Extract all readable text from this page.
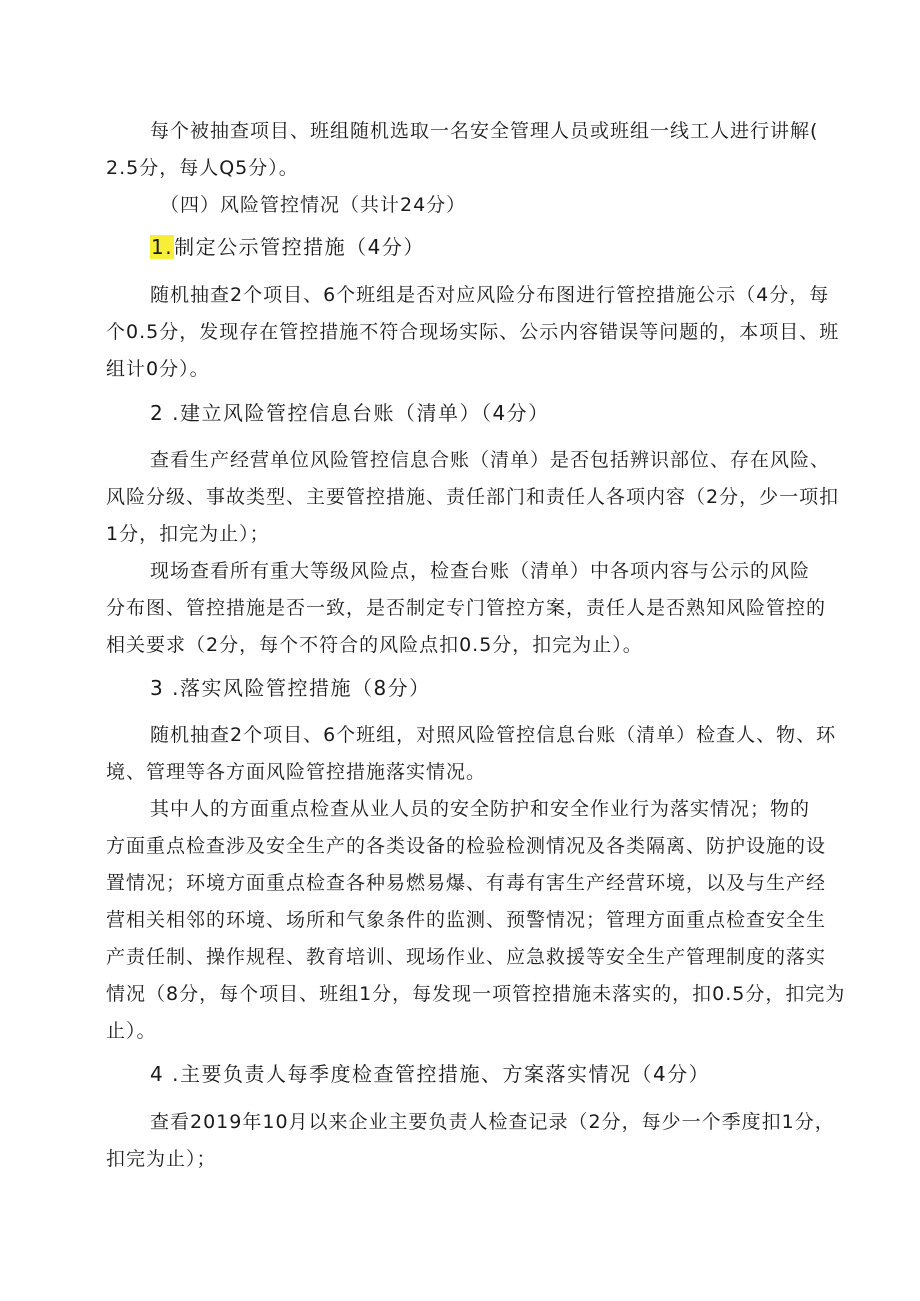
每个被抽查项目、班组随机选取一名安全管理人员或班组一线工人进行讲解(
2.5分，每人Q5分）。
（四）风险管控情况（共计24分）
1.制定公示管控措施（4分）
随机抽查2个项目、6个班组是否对应风险分布图进行管控措施公示（4分，每
个0.5分，发现存在管控措施不符合现场实际、公示内容错误等问题的，本项目、班
组计0分）。
2 .建立风险管控信息台账（清单）（4分）
查看生产经营单位风险管控信息合账（清单）是否包括辨识部位、存在风险、
风险分级、事故类型、主要管控措施、责任部门和责任人各项内容（2分，少一项扣
1分，扣完为止）；
现场查看所有重大等级风险点，检查台账（清单）中各项内容与公示的风险
分布图、管控措施是否一致，是否制定专门管控方案，责任人是否熟知风险管控的
相关要求（2分，每个不符合的风险点扣0.5分，扣完为止）。
3 .落实风险管控措施（8分）
随机抽查2个项目、6个班组，对照风险管控信息台账（清单）检查人、物、环
境、管理等各方面风险管控措施落实情况。
其中人的方面重点检查从业人员的安全防护和安全作业行为落实情况；物的
方面重点检查涉及安全生产的各类设备的检验检测情况及各类隔离、防护设施的设
置情况；环境方面重点检查各种易燃易爆、有毒有害生产经营环境，以及与生产经
营相关相邻的环境、场所和气象条件的监测、预警情况；管理方面重点检查安全生
产责任制、操作规程、教育培训、现场作业、应急救援等安全生产管理制度的落实
情况（8分，每个项目、班组1分，每发现一项管控措施未落实的，扣0.5分，扣完为
止）。
4 .主要负责人每季度检查管控措施、方案落实情况（4分）
查看2019年10月以来企业主要负责人检查记录（2分，每少一个季度扣1分，
扣完为止）；
